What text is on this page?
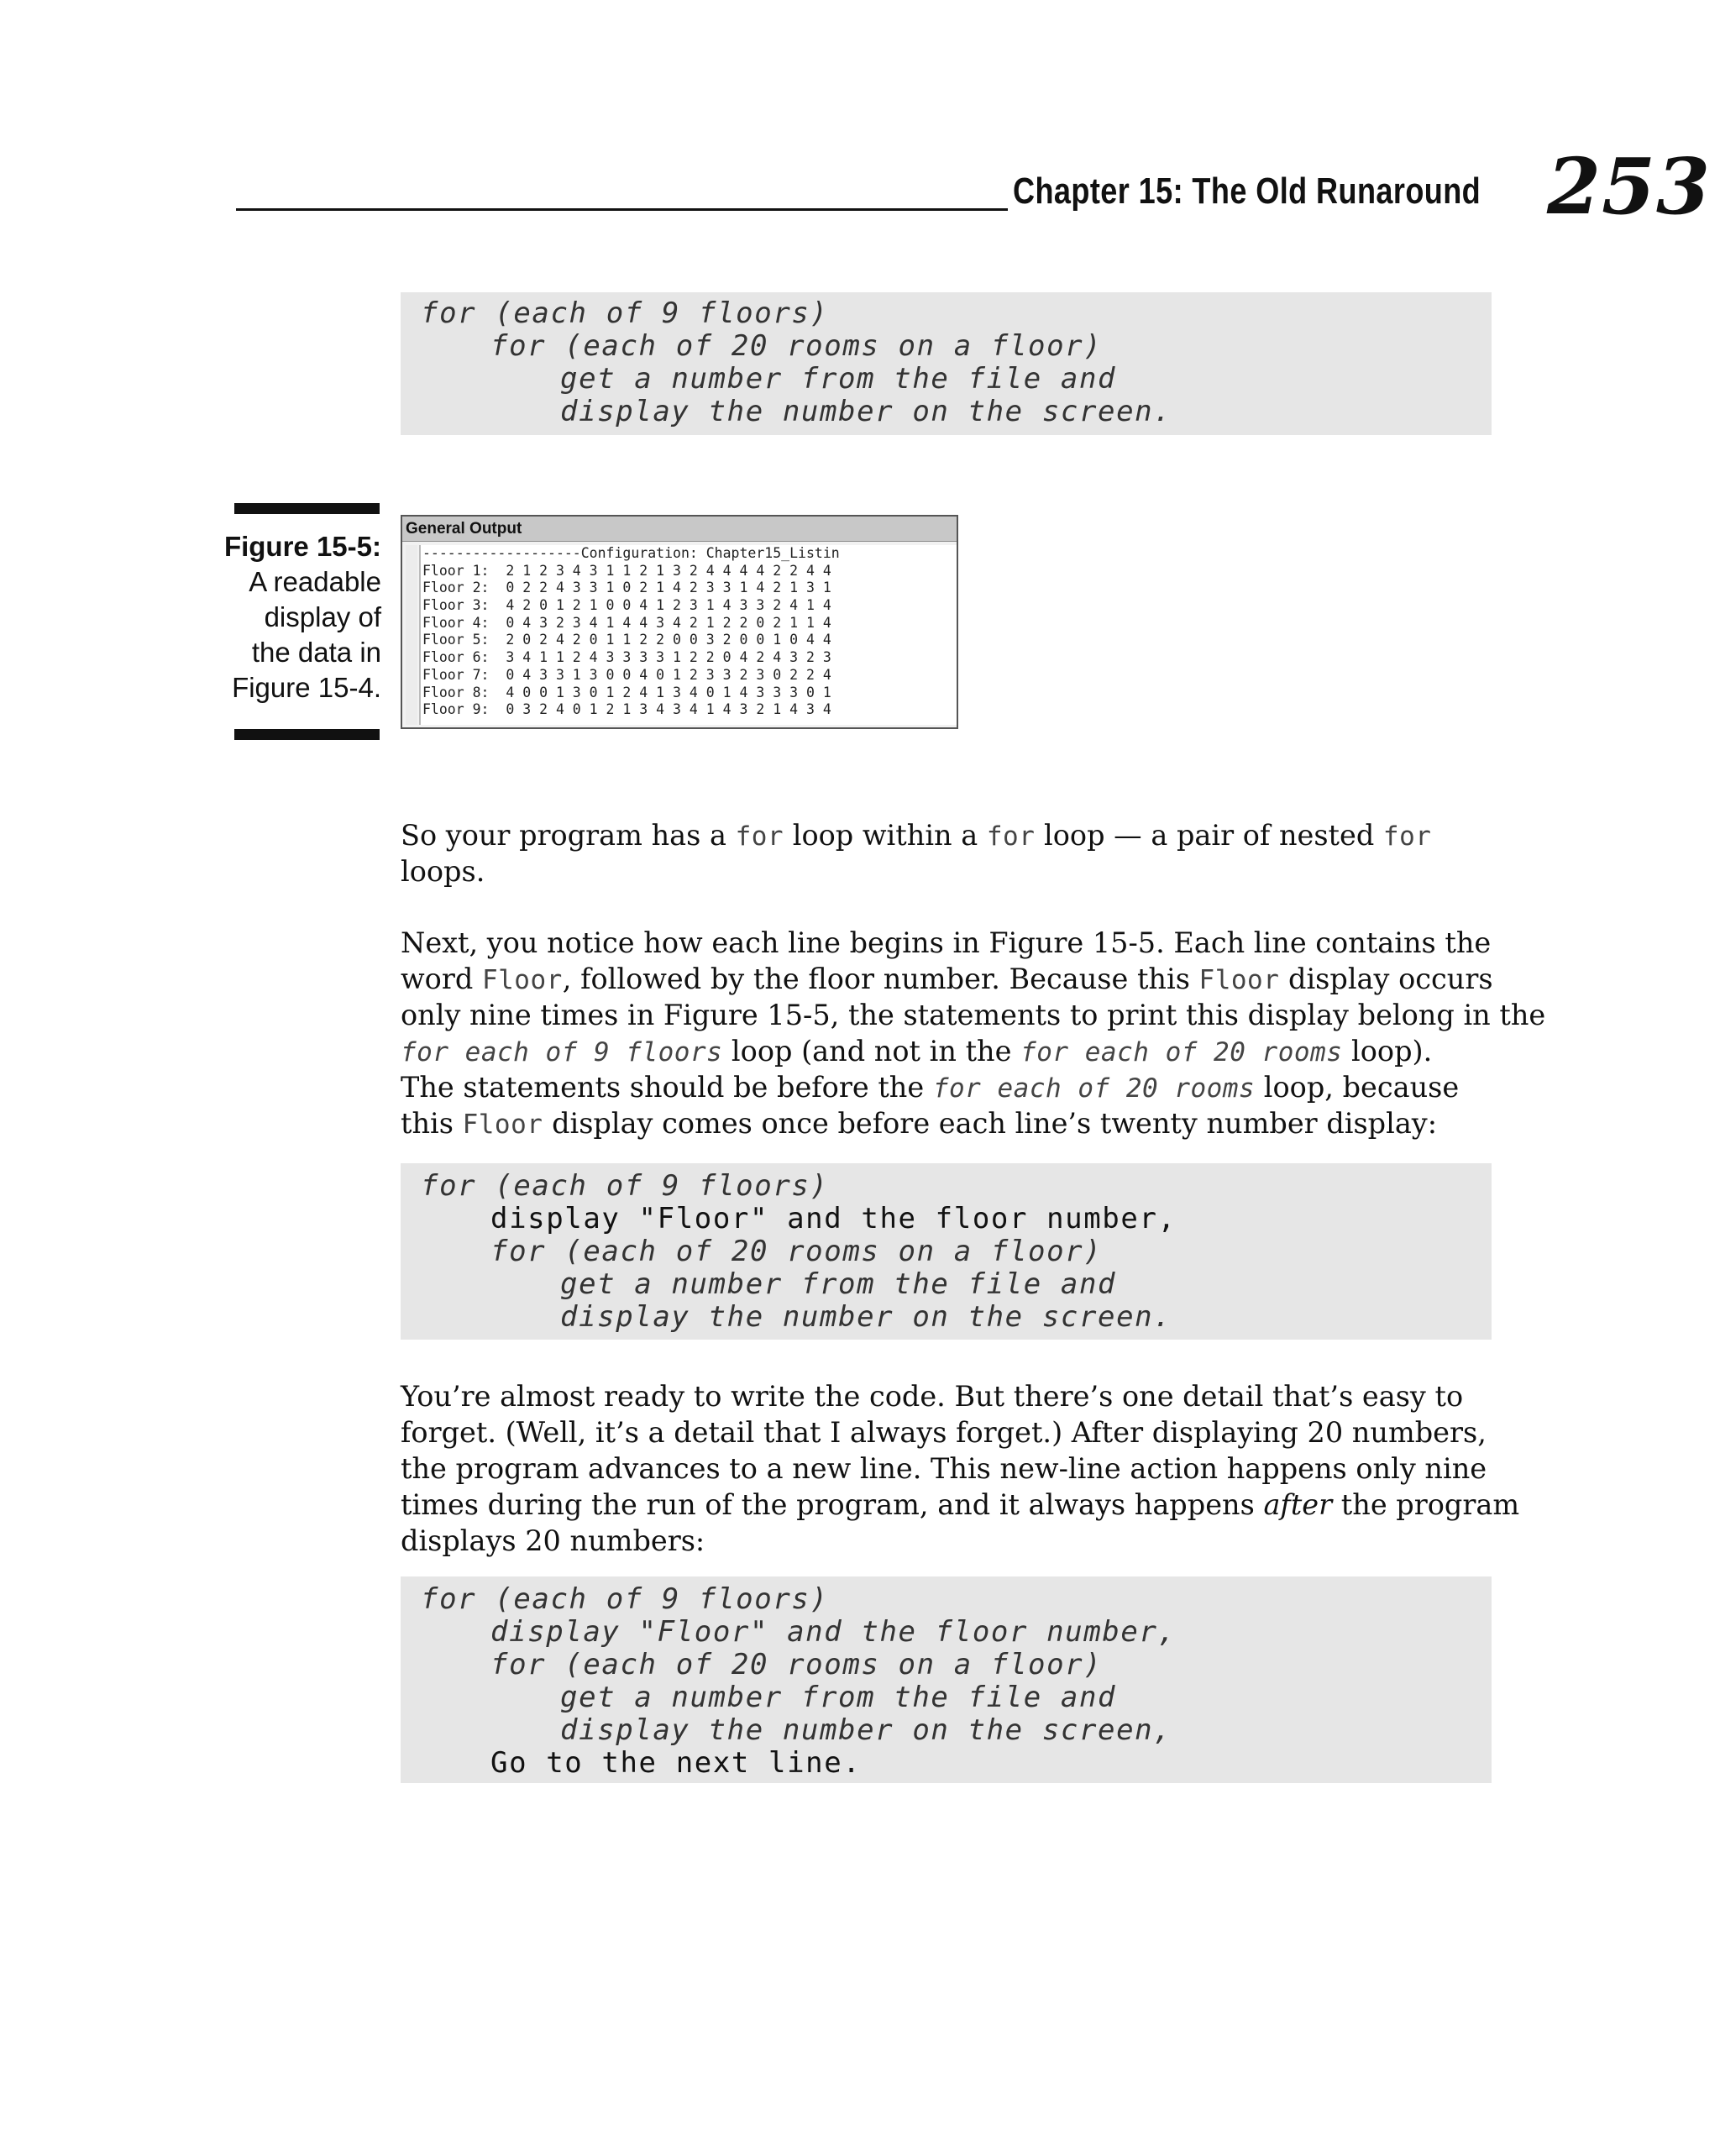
Chapter 15: The Old Runaround 253
for (each of 9 floors)
for (each of 20 rooms on a floor)
get a number from the file and
display the number on the screen.
Figure 15-5:
A readable
display of
the data in
Figure 15-4.
General Output
-------------------Configuration: Chapter15_Listin
Floor 1:  2 1 2 3 4 3 1 1 2 1 3 2 4 4 4 4 2 2 4 4
Floor 2:  0 2 2 4 3 3 1 0 2 1 4 2 3 3 1 4 2 1 3 1
Floor 3:  4 2 0 1 2 1 0 0 4 1 2 3 1 4 3 3 2 4 1 4
Floor 4:  0 4 3 2 3 4 1 4 4 3 4 2 1 2 2 0 2 1 1 4
Floor 5:  2 0 2 4 2 0 1 1 2 2 0 0 3 2 0 0 1 0 4 4
Floor 6:  3 4 1 1 2 4 3 3 3 3 1 2 2 0 4 2 4 3 2 3
Floor 7:  0 4 3 3 1 3 0 0 4 0 1 2 3 3 2 3 0 2 2 4
Floor 8:  4 0 0 1 3 0 1 2 4 1 3 4 0 1 4 3 3 3 0 1
Floor 9:  0 3 2 4 0 1 2 1 3 4 3 4 1 4 3 2 1 4 3 4
So your program has a for loop within a for loop — a pair of nested for
loops.
Next, you notice how each line begins in Figure 15-5. Each line contains the
word Floor, followed by the floor number. Because this Floor display occurs
only nine times in Figure 15-5, the statements to print this display belong in the
for each of 9 floors loop (and not in the for each of 20 rooms loop).
The statements should be before the for each of 20 rooms loop, because
this Floor display comes once before each line’s twenty number display:
for (each of 9 floors)
display "Floor" and the floor number,
for (each of 20 rooms on a floor)
get a number from the file and
display the number on the screen.
You’re almost ready to write the code. But there’s one detail that’s easy to
forget. (Well, it’s a detail that I always forget.) After displaying 20 numbers,
the program advances to a new line. This new-line action happens only nine
times during the run of the program, and it always happens after the program
displays 20 numbers:
for (each of 9 floors)
display "Floor" and the floor number,
for (each of 20 rooms on a floor)
get a number from the file and
display the number on the screen,
Go to the next line.
